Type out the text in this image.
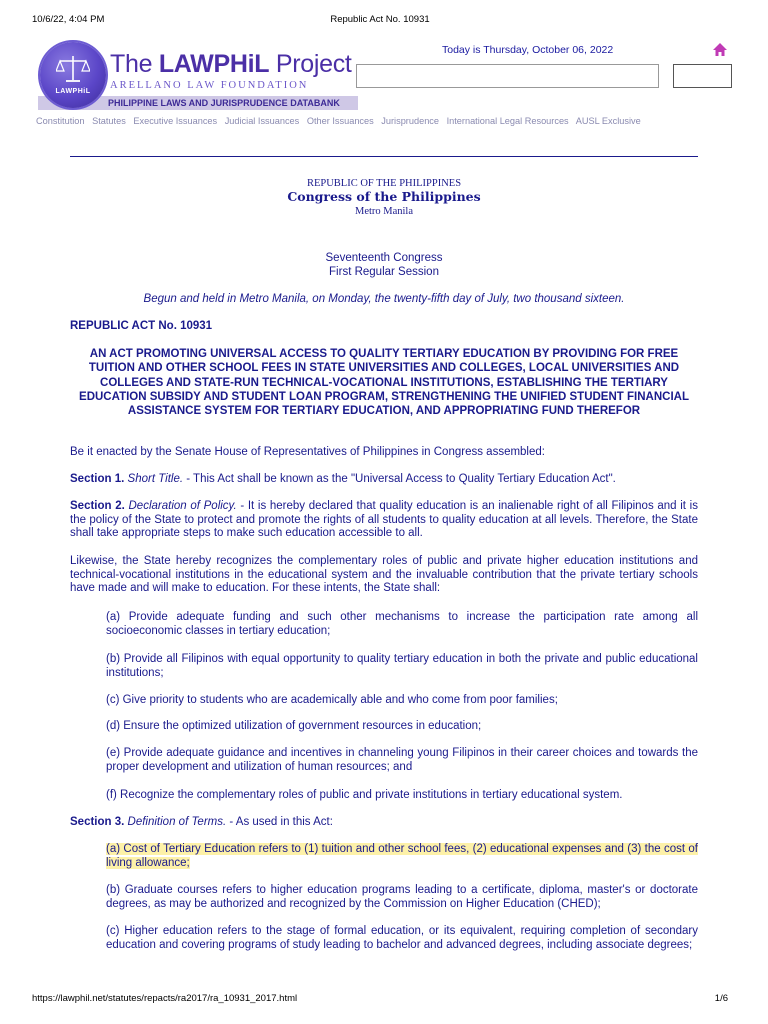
10/6/22, 4:04 PM	Republic Act No. 10931
PHILIPPINE LAWS AND JURISPRUDENCE DATABANK
LAWPHiL
The LAWPHiL Project
ARELLANO LAW FOUNDATION
Today is Thursday, October 06, 2022
Constitution Statutes Executive Issuances Judicial Issuances Other Issuances Jurisprudence International Legal Resources AUSL Exclusive
REPUBLIC OF THE PHILIPPINES
Congress of the Philippines
Metro Manila
Seventeenth Congress
First Regular Session
Begun and held in Metro Manila, on Monday, the twenty-fifth day of July, two thousand sixteen.
REPUBLIC ACT No. 10931
AN ACT PROMOTING UNIVERSAL ACCESS TO QUALITY TERTIARY EDUCATION BY PROVIDING FOR FREE TUITION AND OTHER SCHOOL FEES IN STATE UNIVERSITIES AND COLLEGES, LOCAL UNIVERSITIES AND COLLEGES AND STATE-RUN TECHNICAL-VOCATIONAL INSTITUTIONS, ESTABLISHING THE TERTIARY EDUCATION SUBSIDY AND STUDENT LOAN PROGRAM, STRENGTHENING THE UNIFIED STUDENT FINANCIAL ASSISTANCE SYSTEM FOR TERTIARY EDUCATION, AND APPROPRIATING FUND THEREFOR
Be it enacted by the Senate House of Representatives of Philippines in Congress assembled:
Section 1. Short Title. - This Act shall be known as the "Universal Access to Quality Tertiary Education Act".
Section 2. Declaration of Policy. - It is hereby declared that quality education is an inalienable right of all Filipinos and it is the policy of the State to protect and promote the rights of all students to quality education at all levels. Therefore, the State shall take appropriate steps to make such education accessible to all.
Likewise, the State hereby recognizes the complementary roles of public and private higher education institutions and technical-vocational institutions in the educational system and the invaluable contribution that the private tertiary schools have made and will make to education. For these intents, the State shall:
(a) Provide adequate funding and such other mechanisms to increase the participation rate among all socioeconomic classes in tertiary education;
(b) Provide all Filipinos with equal opportunity to quality tertiary education in both the private and public educational institutions;
(c) Give priority to students who are academically able and who come from poor families;
(d) Ensure the optimized utilization of government resources in education;
(e) Provide adequate guidance and incentives in channeling young Filipinos in their career choices and towards the proper development and utilization of human resources; and
(f) Recognize the complementary roles of public and private institutions in tertiary educational system.
Section 3. Definition of Terms. - As used in this Act:
(a) Cost of Tertiary Education refers to (1) tuition and other school fees, (2) educational expenses and (3) the cost of living allowance;
(b) Graduate courses refers to higher education programs leading to a certificate, diploma, master's or doctorate degrees, as may be authorized and recognized by the Commission on Higher Education (CHED);
(c) Higher education refers to the stage of formal education, or its equivalent, requiring completion of secondary education and covering programs of study leading to bachelor and advanced degrees, including associate degrees;
https://lawphil.net/statutes/repacts/ra2017/ra_10931_2017.html	1/6
